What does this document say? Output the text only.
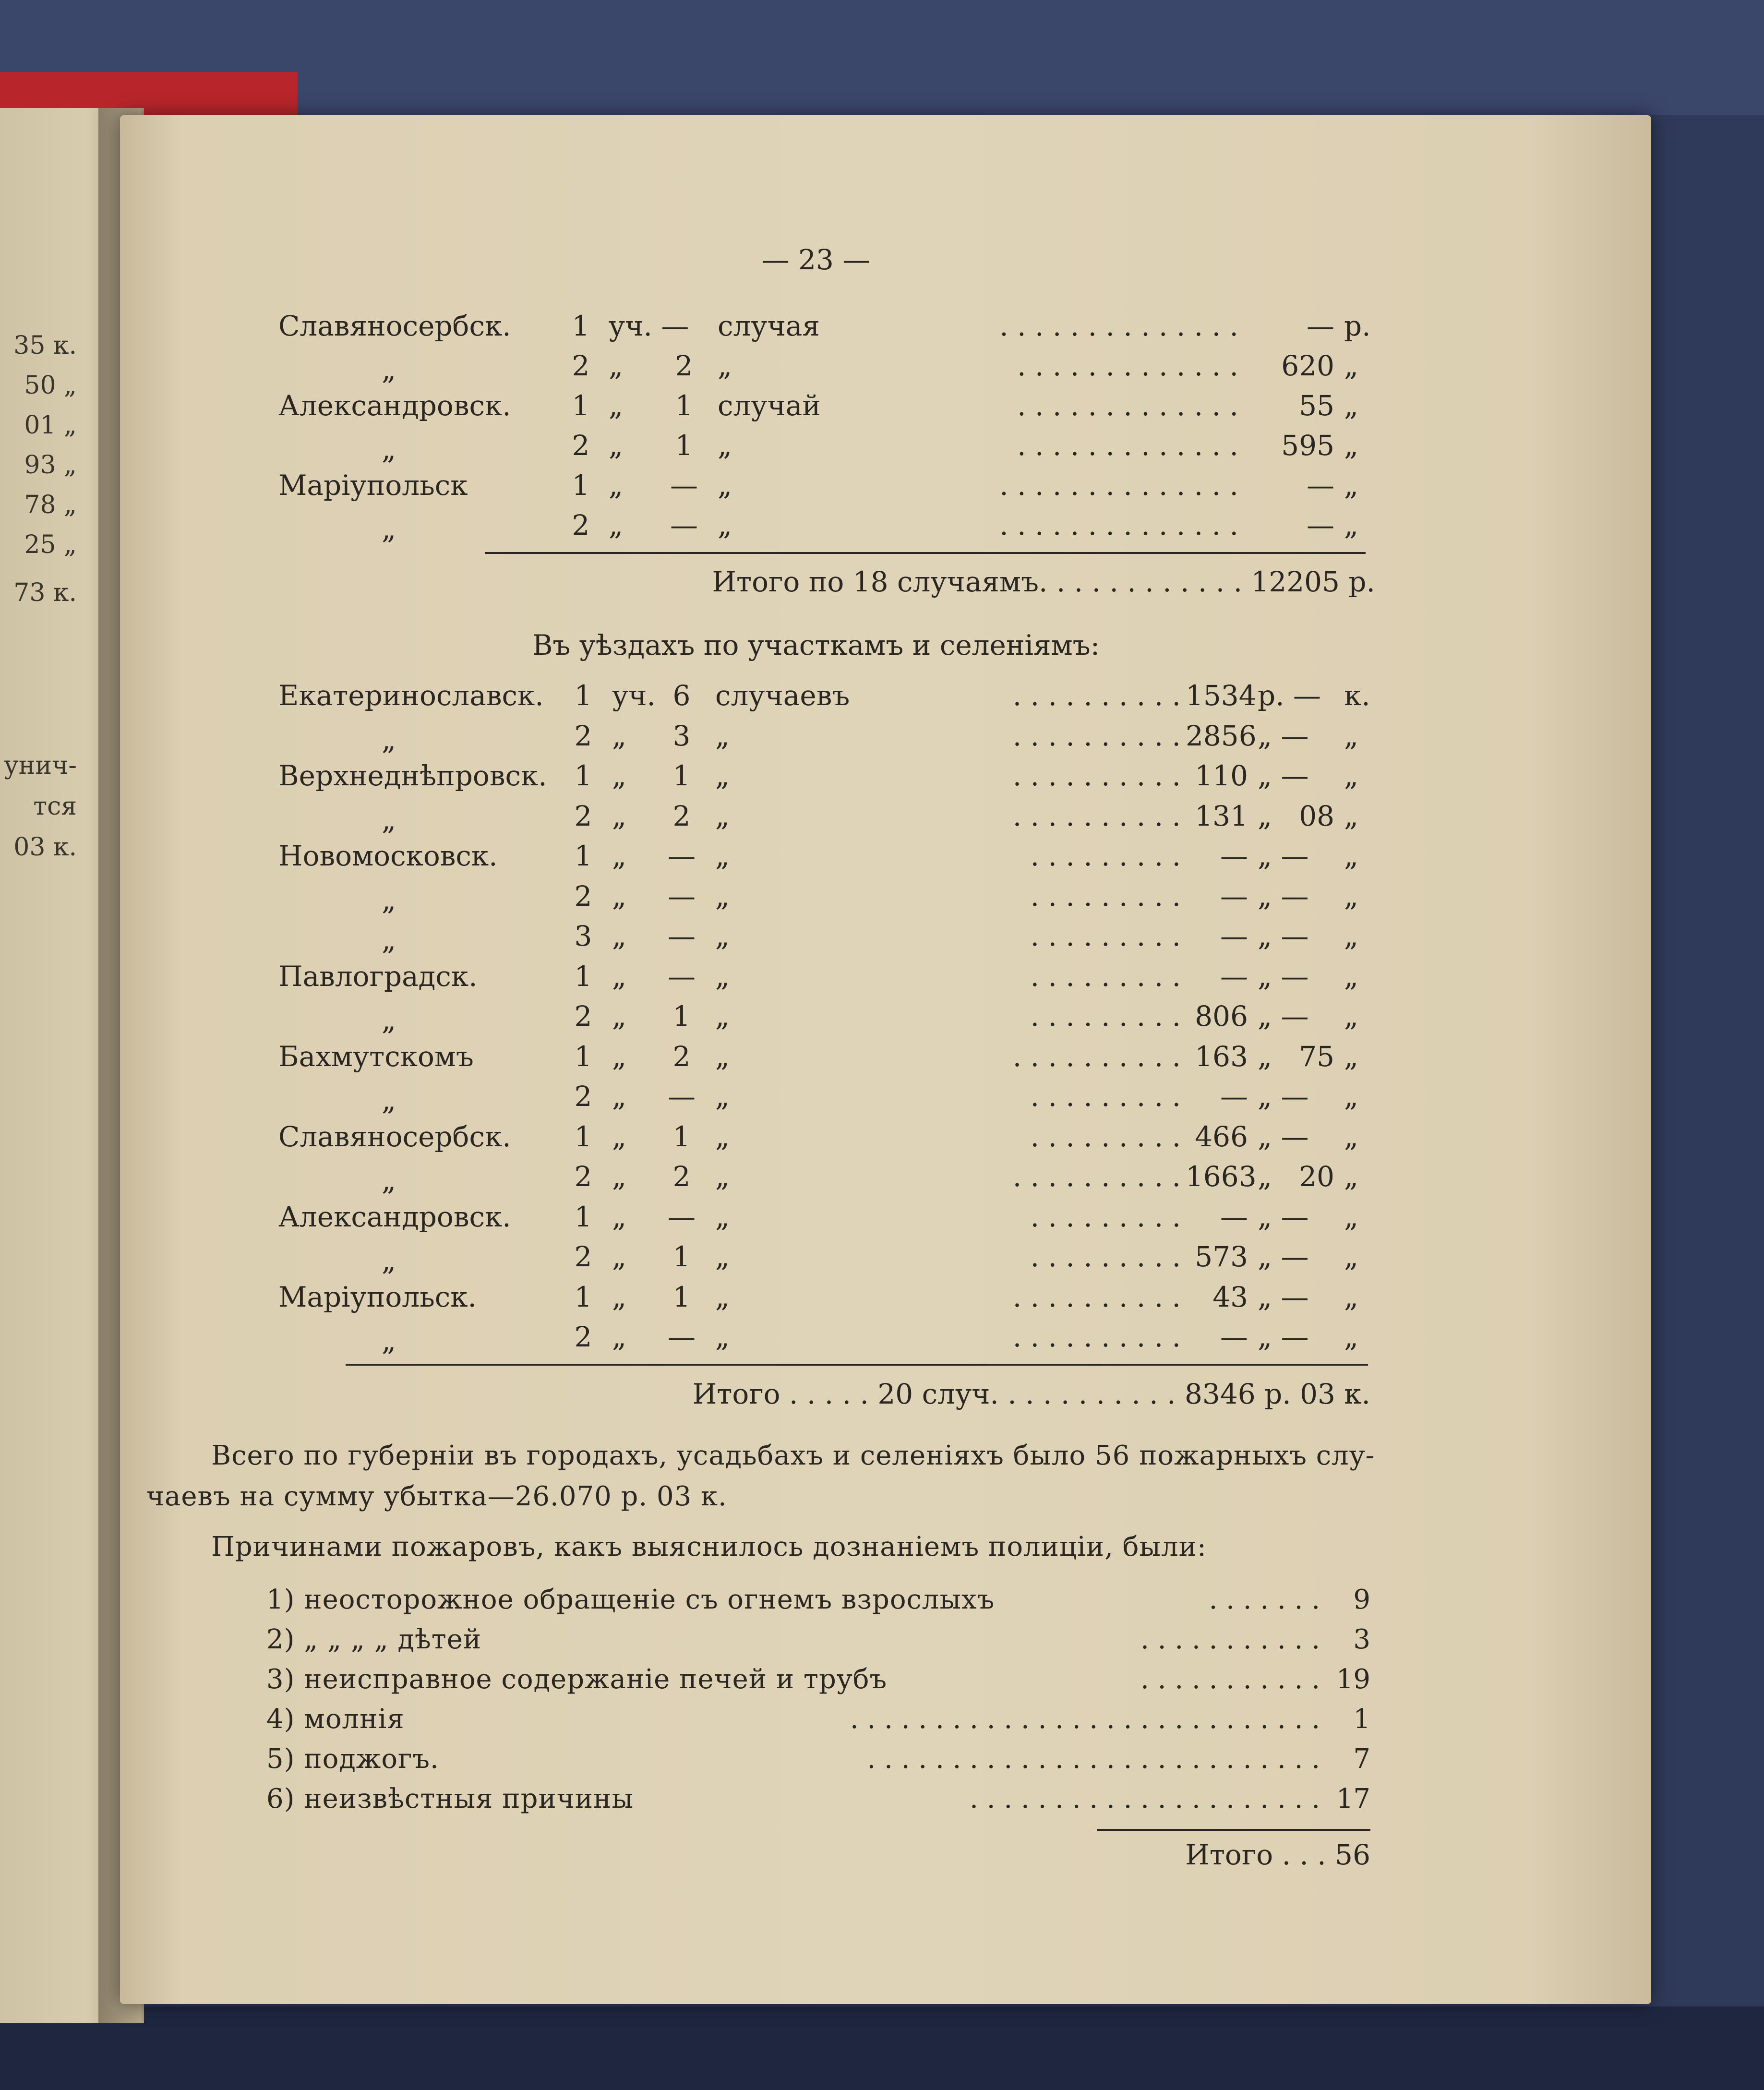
35 к.
50 „
01 „
93 „
78 „
25 „
73 к.
унич-
тся
03 к.
— 23 —
Славяносербск. 1 уч. — случая	. . . . . . . . . . . . . .	— р.
„	2 „	2 „	. . . . . . . . . . . . .	620 „
Александровск. 1 „	1 случай	. . . . . . . . . . . . .	55 „
„	2 „	1 „	. . . . . . . . . . . . .	595 „
Маріупольск	1 „ — „	. . . . . . . . . . . . . .	— „
„	2 „ — „	. . . . . . . . . . . . . .	— „
Итого по 18 случаямъ. . . . . . . . . . . . 12205 р.
Въ уѣздахъ по участкамъ и селеніямъ:
Екатеринославск. 1 уч. 6 случаевъ	. . . . . . . . . . 1534 р. — к.
„	2 „	3 „	. . . . . . . . . . 2856 „ — „
Верхнеднѣпровск. 1 „	1 „	. . . . . . . . . . 110 „ — „
„	2 „	2 „	. . . . . . . . . . 131 „ 08 „
Новомосковск.	1 „ — „	. . . . . . . . .	— „ — „
„	2 „ — „	. . . . . . . . .	— „ — „
„	3 „ — „	. . . . . . . . .	— „ — „
Павлоградск.	1 „ — „	. . . . . . . . .	— „ — „
„	2 „	1 „	. . . . . . . . . 806 „ — „
Бахмутскомъ	1 „	2 „	. . . . . . . . . . 163 „ 75 „
„	2 „ — „	. . . . . . . . .	— „ — „
Славяносербск. 1 „	1 „	. . . . . . . . . 466 „ — „
„	2 „	2 „	. . . . . . . . . . 1663 „ 20 „
Александровск. 1 „ — „	. . . . . . . . .	— „ — „
„	2 „	1 „	. . . . . . . . . 573 „ — „
Маріупольск.	1 „	1 „	. . . . . . . . . .	43 „ — „
„	2 „ — „	. . . . . . . . . .	— „ — „
Итого . . . . . 20 случ. . . . . . . . . . . 8346 р. 03 к.
Всего по губерніи въ городахъ, усадьбахъ и селеніяхъ было 56 пожарныхъ слу-
чаевъ на сумму убытка—26.070 р. 03 к.
Причинами пожаровъ, какъ выяснилось дознаніемъ полиціи, были:
1) неосторожное обращеніе съ огнемъ взрослыхъ	. . . . . . .	9
2) „ „ „ „ дѣтей	. . . . . . . . . . .	3
3) неисправное содержаніе печей и трубъ	. . . . . . . . . . . 19
4) молнія	. . . . . . . . . . . . . . . . . . . . . . . . . . . .	1
5) поджогъ.	. . . . . . . . . . . . . . . . . . . . . . . . . . .	7
6) неизвѣстныя причины	. . . . . . . . . . . . . . . . . . . . . 17
Итого . . . 56
